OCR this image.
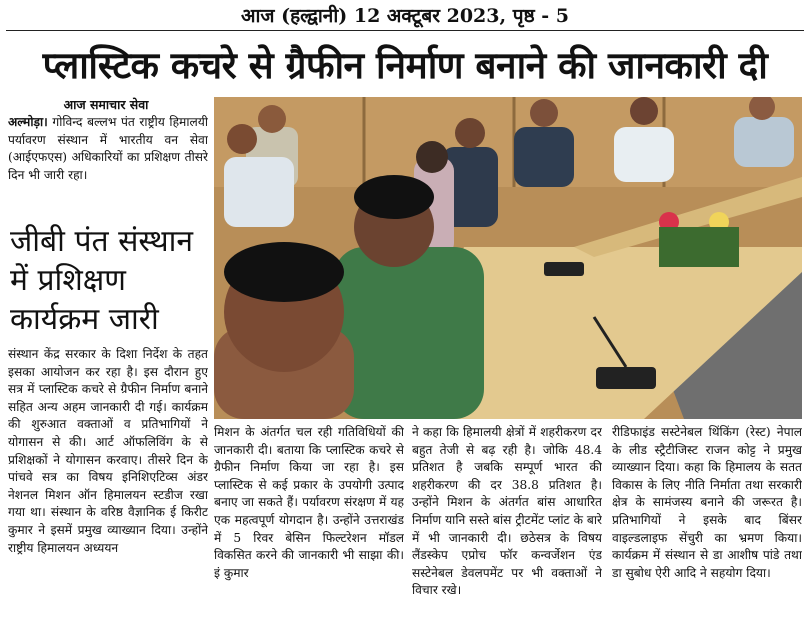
आज (हल्द्वानी) 12 अक्टूबर 2023, पृष्ठ - 5
प्लास्टिक कचरे से ग्रैफीन निर्माण बनाने की जानकारी दी
आज समाचार सेवा

अल्मोड़ा। गोविन्द बल्लभ पंत राष्ट्रीय हिमालयी पर्यावरण संस्थान में भारतीय वन सेवा (आईएफएस) अधिकारियों का प्रशिक्षण तीसरे दिन भी जारी रहा।

जीबी पंत संस्थान में प्रशिक्षण कार्यक्रम जारी

संस्थान केंद्र सरकार के दिशा निर्देश के तहत इसका आयोजन कर रहा है। इस दौरान हुए सत्र में प्लास्टिक कचरे से ग्रैफीन निर्माण बनाने सहित अन्य अहम जानकारी दी गई। कार्यक्रम की शुरुआत वक्ताओं व प्रतिभागियों ने योगासन से की। आर्ट ऑफलिविंग के से प्रशिक्षकों ने योगासन करवाए। तीसरे दिन के पांचवे सत्र का विषय इनिशिएटिव्स अंडर नेशनल मिशन ऑन हिमालयन स्टडीज रखा गया था। संस्थान के वरिष्ठ वैज्ञानिक ई किरीट कुमार ने इसमें प्रमुख व्याख्यान दिया। उन्होंने राष्ट्रीय हिमालयन अध्ययन

मिशन के अंतर्गत चल रही गतिविधियों की जानकारी दी। बताया कि प्लास्टिक कचरे से ग्रैफीन निर्माण किया जा रहा है। इस प्लास्टिक से कई प्रकार के उपयोगी उत्पाद बनाए जा सकते हैं। पर्यावरण संरक्षण में यह एक महत्वपूर्ण योगदान है। उन्होंने उत्तराखंड में 5 रिवर बेसिन फिल्टरेशन मॉडल विकसित करने की जानकारी भी साझा की। इं कुमार

ने कहा कि हिमालयी क्षेत्रों में शहरीकरण दर बहुत तेजी से बढ़ रही है। जोकि 48.4 प्रतिशत है जबकि सम्पूर्ण भारत की शहरीकरण की दर 38.8 प्रतिशत है। उन्होंने मिशन के अंतर्गत बांस आधारित निर्माण यानि सस्ते बांस ट्रीटमेंट प्लांट के बारे में भी जानकारी दी। छठेसत्र के विषय लैंडस्केप एप्रोच फॉर कन्वर्जेशन एंड सस्टेनेबल डेवलपमेंट पर भी वक्ताओं ने विचार रखे।

रीडिफाइंड सस्टेनेबल थिंकिंग (रेस्ट) नेपाल के लीड स्ट्रैटीजिस्ट राजन कोट्ट ने प्रमुख व्याख्यान दिया। कहा कि हिमालय के सतत विकास के लिए नीति निर्माता तथा सरकारी क्षेत्र के सामंजस्य बनाने की जरूरत है। प्रतिभागियों ने इसके बाद बिंसर वाइल्डलाइफ सेंचुरी का भ्रमण किया। कार्यक्रम में संस्थान से डा आशीष पांडे तथा डा सुबोध ऐरी आदि ने सहयोग दिया।
